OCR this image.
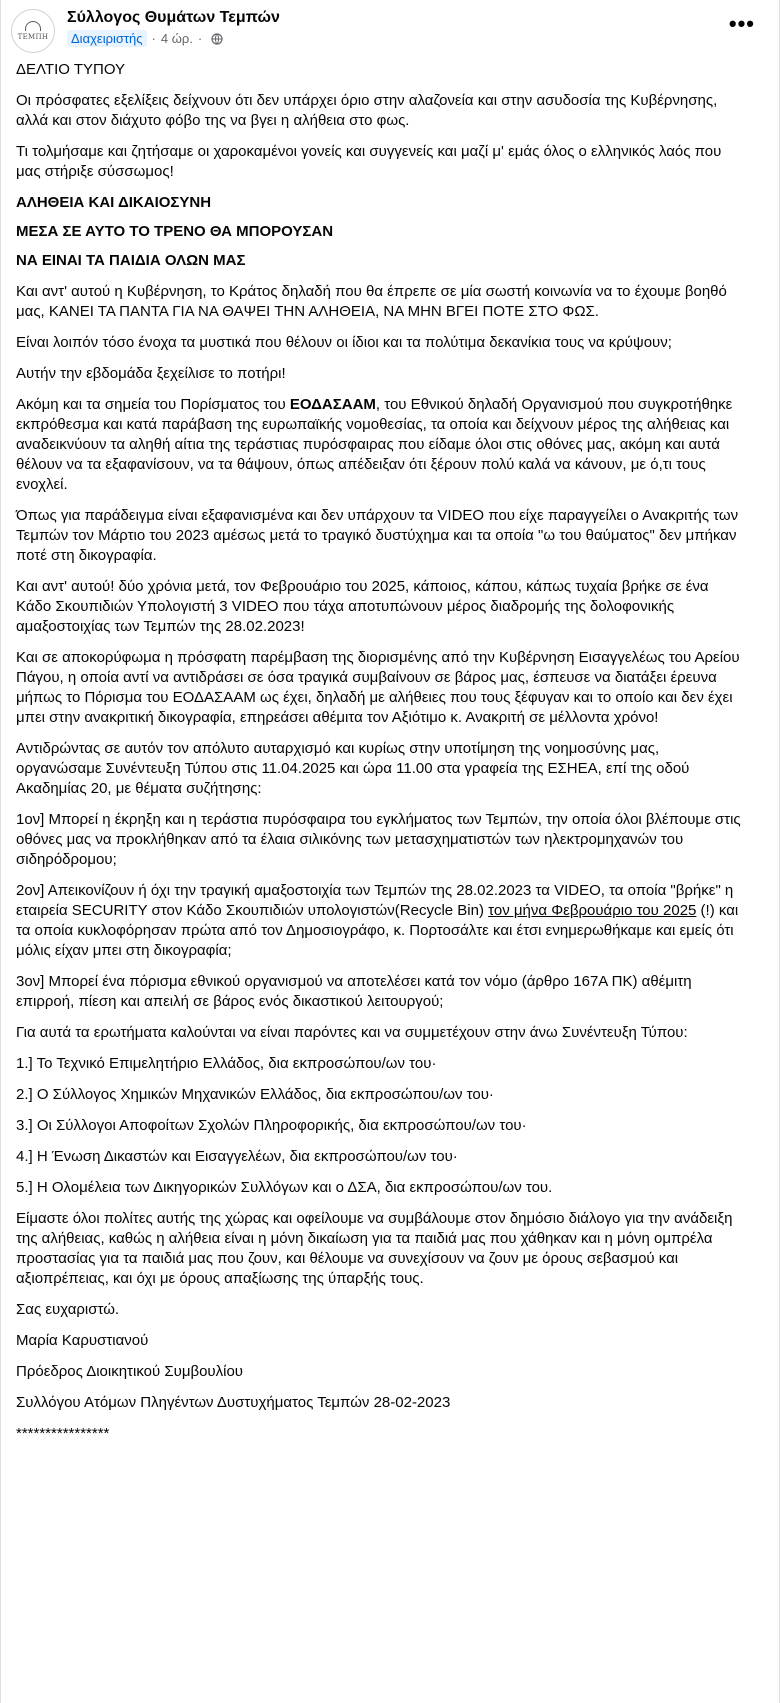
ΤΕΜΠΗ
Σύλλογος Θυμάτων Τεμπών
Διαχειριστής · 4 ώρ. ·
•••

ΔΕΛΤΙΟ ΤΥΠΟΥ

Οι πρόσφατες εξελίξεις δείχνουν ότι δεν υπάρχει όριο στην αλαζονεία και στην ασυδοσία της Κυβέρνησης, αλλά και στον διάχυτο φόβο της να βγει η αλήθεια στο φως.

Τι τολμήσαμε και ζητήσαμε οι χαροκαμένοι γονείς και συγγενείς και μαζί μ' εμάς όλος ο ελληνικός λαός που μας στήριξε σύσσωμος!

ΑΛΗΘΕΙΑ ΚΑΙ ΔΙΚΑΙΟΣΥΝΗ

ΜΕΣΑ ΣΕ ΑΥΤΟ ΤΟ ΤΡΕΝΟ ΘΑ ΜΠΟΡΟΥΣΑΝ

ΝΑ ΕΙΝΑΙ ΤΑ ΠΑΙΔΙΑ ΟΛΩΝ ΜΑΣ

Και αντ' αυτού η Κυβέρνηση, το Κράτος δηλαδή που θα έπρεπε σε μία σωστή κοινωνία να το έχουμε βοηθό μας, ΚΑΝΕΙ ΤΑ ΠΑΝΤΑ ΓΙΑ ΝΑ ΘΑΨΕΙ ΤΗΝ ΑΛΗΘΕΙΑ, ΝΑ ΜΗΝ ΒΓΕΙ ΠΟΤΕ ΣΤΟ ΦΩΣ.

Είναι λοιπόν τόσο ένοχα τα μυστικά που θέλουν οι ίδιοι και τα πολύτιμα δεκανίκια τους να κρύψουν;

Αυτήν την εβδομάδα ξεχείλισε το ποτήρι!

Ακόμη και τα σημεία του Πορίσματος του ΕΟΔΑΣΑΑΜ, του Εθνικού δηλαδή Οργανισμού που συγκροτήθηκε εκπρόθεσμα και κατά παράβαση της ευρωπαϊκής νομοθεσίας, τα οποία και δείχνουν μέρος της αλήθειας και αναδεικνύουν τα αληθή αίτια της τεράστιας πυρόσφαιρας που είδαμε όλοι στις οθόνες μας, ακόμη και αυτά θέλουν να τα εξαφανίσουν, να τα θάψουν, όπως απέδειξαν ότι ξέρουν πολύ καλά να κάνουν, με ό,τι τους ενοχλεί.

Όπως για παράδειγμα είναι εξαφανισμένα και δεν υπάρχουν τα VIDEO που είχε παραγγείλει ο Ανακριτής των Τεμπών τον Μάρτιο του 2023 αμέσως μετά το τραγικό δυστύχημα και τα οποία "ω του θαύματος" δεν μπήκαν ποτέ στη δικογραφία.

Και αντ' αυτού! δύο χρόνια μετά, τον Φεβρουάριο του 2025, κάποιος, κάπου, κάπως τυχαία βρήκε σε ένα Κάδο Σκουπιδιών Υπολογιστή 3 VIDEO που τάχα αποτυπώνουν μέρος διαδρομής της δολοφονικής αμαξοστοιχίας των Τεμπών της 28.02.2023!

Και σε αποκορύφωμα η πρόσφατη παρέμβαση της διορισμένης από την Κυβέρνηση Εισαγγελέως του Αρείου Πάγου, η οποία αντί να αντιδράσει σε όσα τραγικά συμβαίνουν σε βάρος μας, έσπευσε να διατάξει έρευνα μήπως το Πόρισμα του ΕΟΔΑΣΑΑΜ ως έχει, δηλαδή με αλήθειες που τους ξέφυγαν και το οποίο και δεν έχει μπει στην ανακριτική δικογραφία, επηρεάσει αθέμιτα τον Αξιότιμο κ. Ανακριτή σε μέλλοντα χρόνο!

Αντιδρώντας σε αυτόν τον απόλυτο αυταρχισμό και κυρίως στην υποτίμηση της νοημοσύνης μας, οργανώσαμε Συνέντευξη Τύπου στις 11.04.2025 και ώρα 11.00 στα γραφεία της ΕΣΗΕΑ, επί της οδού Ακαδημίας 20, με θέματα συζήτησης:

1ον] Μπορεί η έκρηξη και η τεράστια πυρόσφαιρα του εγκλήματος των Τεμπών, την οποία όλοι βλέπουμε στις οθόνες μας να προκλήθηκαν από τα έλαια σιλικόνης των μετασχηματιστών των ηλεκτρομηχανών του σιδηρόδρομου;

2ον] Απεικονίζουν ή όχι την τραγική αμαξοστοιχία των Τεμπών της 28.02.2023 τα VIDEO, τα οποία "βρήκε" η εταιρεία SECURITY στον Κάδο Σκουπιδιών υπολογιστών(Recycle Bin) τον μήνα Φεβρουάριο του 2025 (!) και τα οποία κυκλοφόρησαν πρώτα από τον Δημοσιογράφο, κ. Πορτοσάλτε και έτσι ενημερωθήκαμε και εμείς ότι μόλις είχαν μπει στη δικογραφία;

3ον] Μπορεί ένα πόρισμα εθνικού οργανισμού να αποτελέσει κατά τον νόμο (άρθρο 167Α ΠΚ) αθέμιτη επιρροή, πίεση και απειλή σε βάρος ενός δικαστικού λειτουργού;

Για αυτά τα ερωτήματα καλούνται να είναι παρόντες και να συμμετέχουν στην άνω Συνέντευξη Τύπου:

1.] Το Τεχνικό Επιμελητήριο Ελλάδος, δια εκπροσώπου/ων του·

2.] Ο Σύλλογος Χημικών Μηχανικών Ελλάδος, δια εκπροσώπου/ων του·

3.] Οι Σύλλογοι Αποφοίτων Σχολών Πληροφορικής, δια εκπροσώπου/ων του·

4.] Η Ένωση Δικαστών και Εισαγγελέων, δια εκπροσώπου/ων του·

5.] Η Ολομέλεια των Δικηγορικών Συλλόγων και ο ΔΣΑ, δια εκπροσώπου/ων του.

Είμαστε όλοι πολίτες αυτής της χώρας και οφείλουμε να συμβάλουμε στον δημόσιο διάλογο για την ανάδειξη της αλήθειας, καθώς η αλήθεια είναι η μόνη δικαίωση για τα παιδιά μας που χάθηκαν και η μόνη ομπρέλα προστασίας για τα παιδιά μας που ζουν, και θέλουμε να συνεχίσουν να ζουν με όρους σεβασμού και αξιοπρέπειας, και όχι με όρους απαξίωσης της ύπαρξής τους.

Σας ευχαριστώ.

Μαρία Καρυστιανού

Πρόεδρος Διοικητικού Συμβουλίου

Συλλόγου Ατόμων Πληγέντων Δυστυχήματος Τεμπών 28-02-2023

****************
